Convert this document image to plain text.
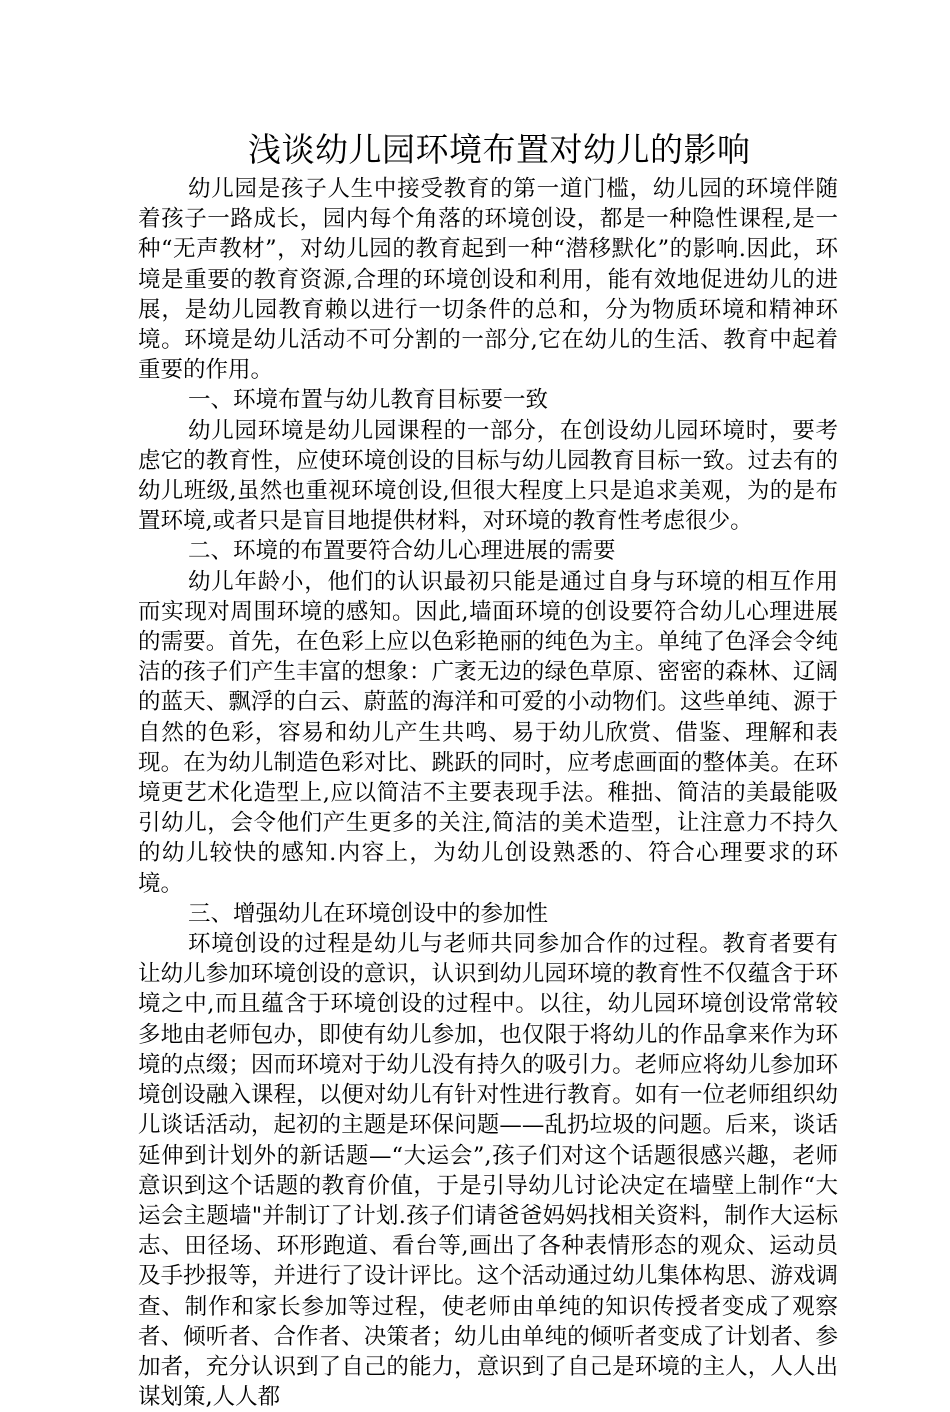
浅谈幼儿园环境布置对幼儿的影响

幼儿园是孩子人生中接受教育的第一道门槛，幼儿园的环境伴随着孩子一路成长，园内每个角落的环境创设，都是一种隐性课程,是一种“无声教材”，对幼儿园的教育起到一种“潜移默化”的影响.因此，环境是重要的教育资源,合理的环境创设和利用，能有效地促进幼儿的进展，是幼儿园教育赖以进行一切条件的总和，分为物质环境和精神环境。环境是幼儿活动不可分割的一部分,它在幼儿的生活、教育中起着重要的作用。

一、环境布置与幼儿教育目标要一致

幼儿园环境是幼儿园课程的一部分，在创设幼儿园环境时，要考虑它的教育性，应使环境创设的目标与幼儿园教育目标一致。过去有的幼儿班级,虽然也重视环境创设,但很大程度上只是追求美观，为的是布置环境,或者只是盲目地提供材料，对环境的教育性考虑很少。

二、环境的布置要符合幼儿心理进展的需要

幼儿年龄小，他们的认识最初只能是通过自身与环境的相互作用而实现对周围环境的感知。因此,墙面环境的创设要符合幼儿心理进展的需要。首先，在色彩上应以色彩艳丽的纯色为主。单纯了色泽会令纯洁的孩子们产生丰富的想象：广袤无边的绿色草原、密密的森林、辽阔的蓝天、飘浮的白云、蔚蓝的海洋和可爱的小动物们。这些单纯、源于自然的色彩，容易和幼儿产生共鸣、易于幼儿欣赏、借鉴、理解和表现。在为幼儿制造色彩对比、跳跃的同时，应考虑画面的整体美。在环境更艺术化造型上,应以简洁不主要表现手法。稚拙、简洁的美最能吸引幼儿，会令他们产生更多的关注,简洁的美术造型，让注意力不持久的幼儿较快的感知.内容上，为幼儿创设熟悉的、符合心理要求的环境。

三、增强幼儿在环境创设中的参加性

环境创设的过程是幼儿与老师共同参加合作的过程。教育者要有让幼儿参加环境创设的意识，认识到幼儿园环境的教育性不仅蕴含于环境之中,而且蕴含于环境创设的过程中。以往，幼儿园环境创设常常较多地由老师包办，即使有幼儿参加，也仅限于将幼儿的作品拿来作为环境的点缀；因而环境对于幼儿没有持久的吸引力。老师应将幼儿参加环境创设融入课程，以便对幼儿有针对性进行教育。如有一位老师组织幼儿谈话活动，起初的主题是环保问题——乱扔垃圾的问题。后来，谈话延伸到计划外的新话题—“大运会”,孩子们对这个话题很感兴趣，老师意识到这个话题的教育价值，于是引导幼儿讨论决定在墙壁上制作“大运会主题墙"并制订了计划.孩子们请爸爸妈妈找相关资料，制作大运标志、田径场、环形跑道、看台等,画出了各种表情形态的观众、运动员及手抄报等，并进行了设计评比。这个活动通过幼儿集体构思、游戏调查、制作和家长参加等过程，使老师由单纯的知识传授者变成了观察者、倾听者、合作者、决策者；幼儿由单纯的倾听者变成了计划者、参加者，充分认识到了自己的能力，意识到了自己是环境的主人，人人出谋划策,人人都
